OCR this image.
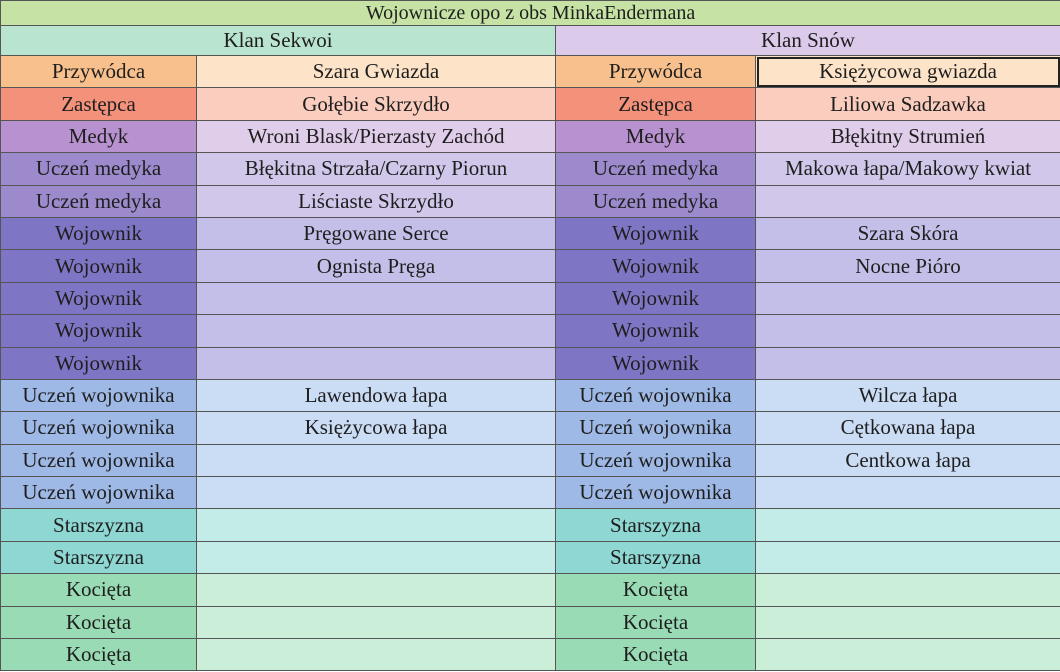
Wojownicze opo z obs MinkaEndermana			
Klan Sekwoi		Klan Snów	
Przywódca	Szara Gwiazda	Przywódca	Księżycowa gwiazda
Zastępca	Gołębie Skrzydło	Zastępca	Liliowa Sadzawka
Medyk	Wroni Blask/Pierzasty Zachód	Medyk	Błękitny Strumień
Uczeń medyka	Błękitna Strzała/Czarny Piorun	Uczeń medyka	Makowa łapa/Makowy kwiat
Uczeń medyka	Liściaste Skrzydło	Uczeń medyka	
Wojownik	Pręgowane Serce	Wojownik	Szara Skóra
Wojownik	Ognista Pręga	Wojownik	Nocne Pióro
Wojownik		Wojownik	
Wojownik		Wojownik	
Wojownik		Wojownik	
Uczeń wojownika	Lawendowa łapa	Uczeń wojownika	Wilcza łapa
Uczeń wojownika	Księżycowa łapa	Uczeń wojownika	Cętkowana łapa
Uczeń wojownika		Uczeń wojownika	Centkowa łapa
Uczeń wojownika		Uczeń wojownika	
Starszyzna		Starszyzna	
Starszyzna		Starszyzna	
Kocięta		Kocięta	
Kocięta		Kocięta	
Kocięta		Kocięta	
